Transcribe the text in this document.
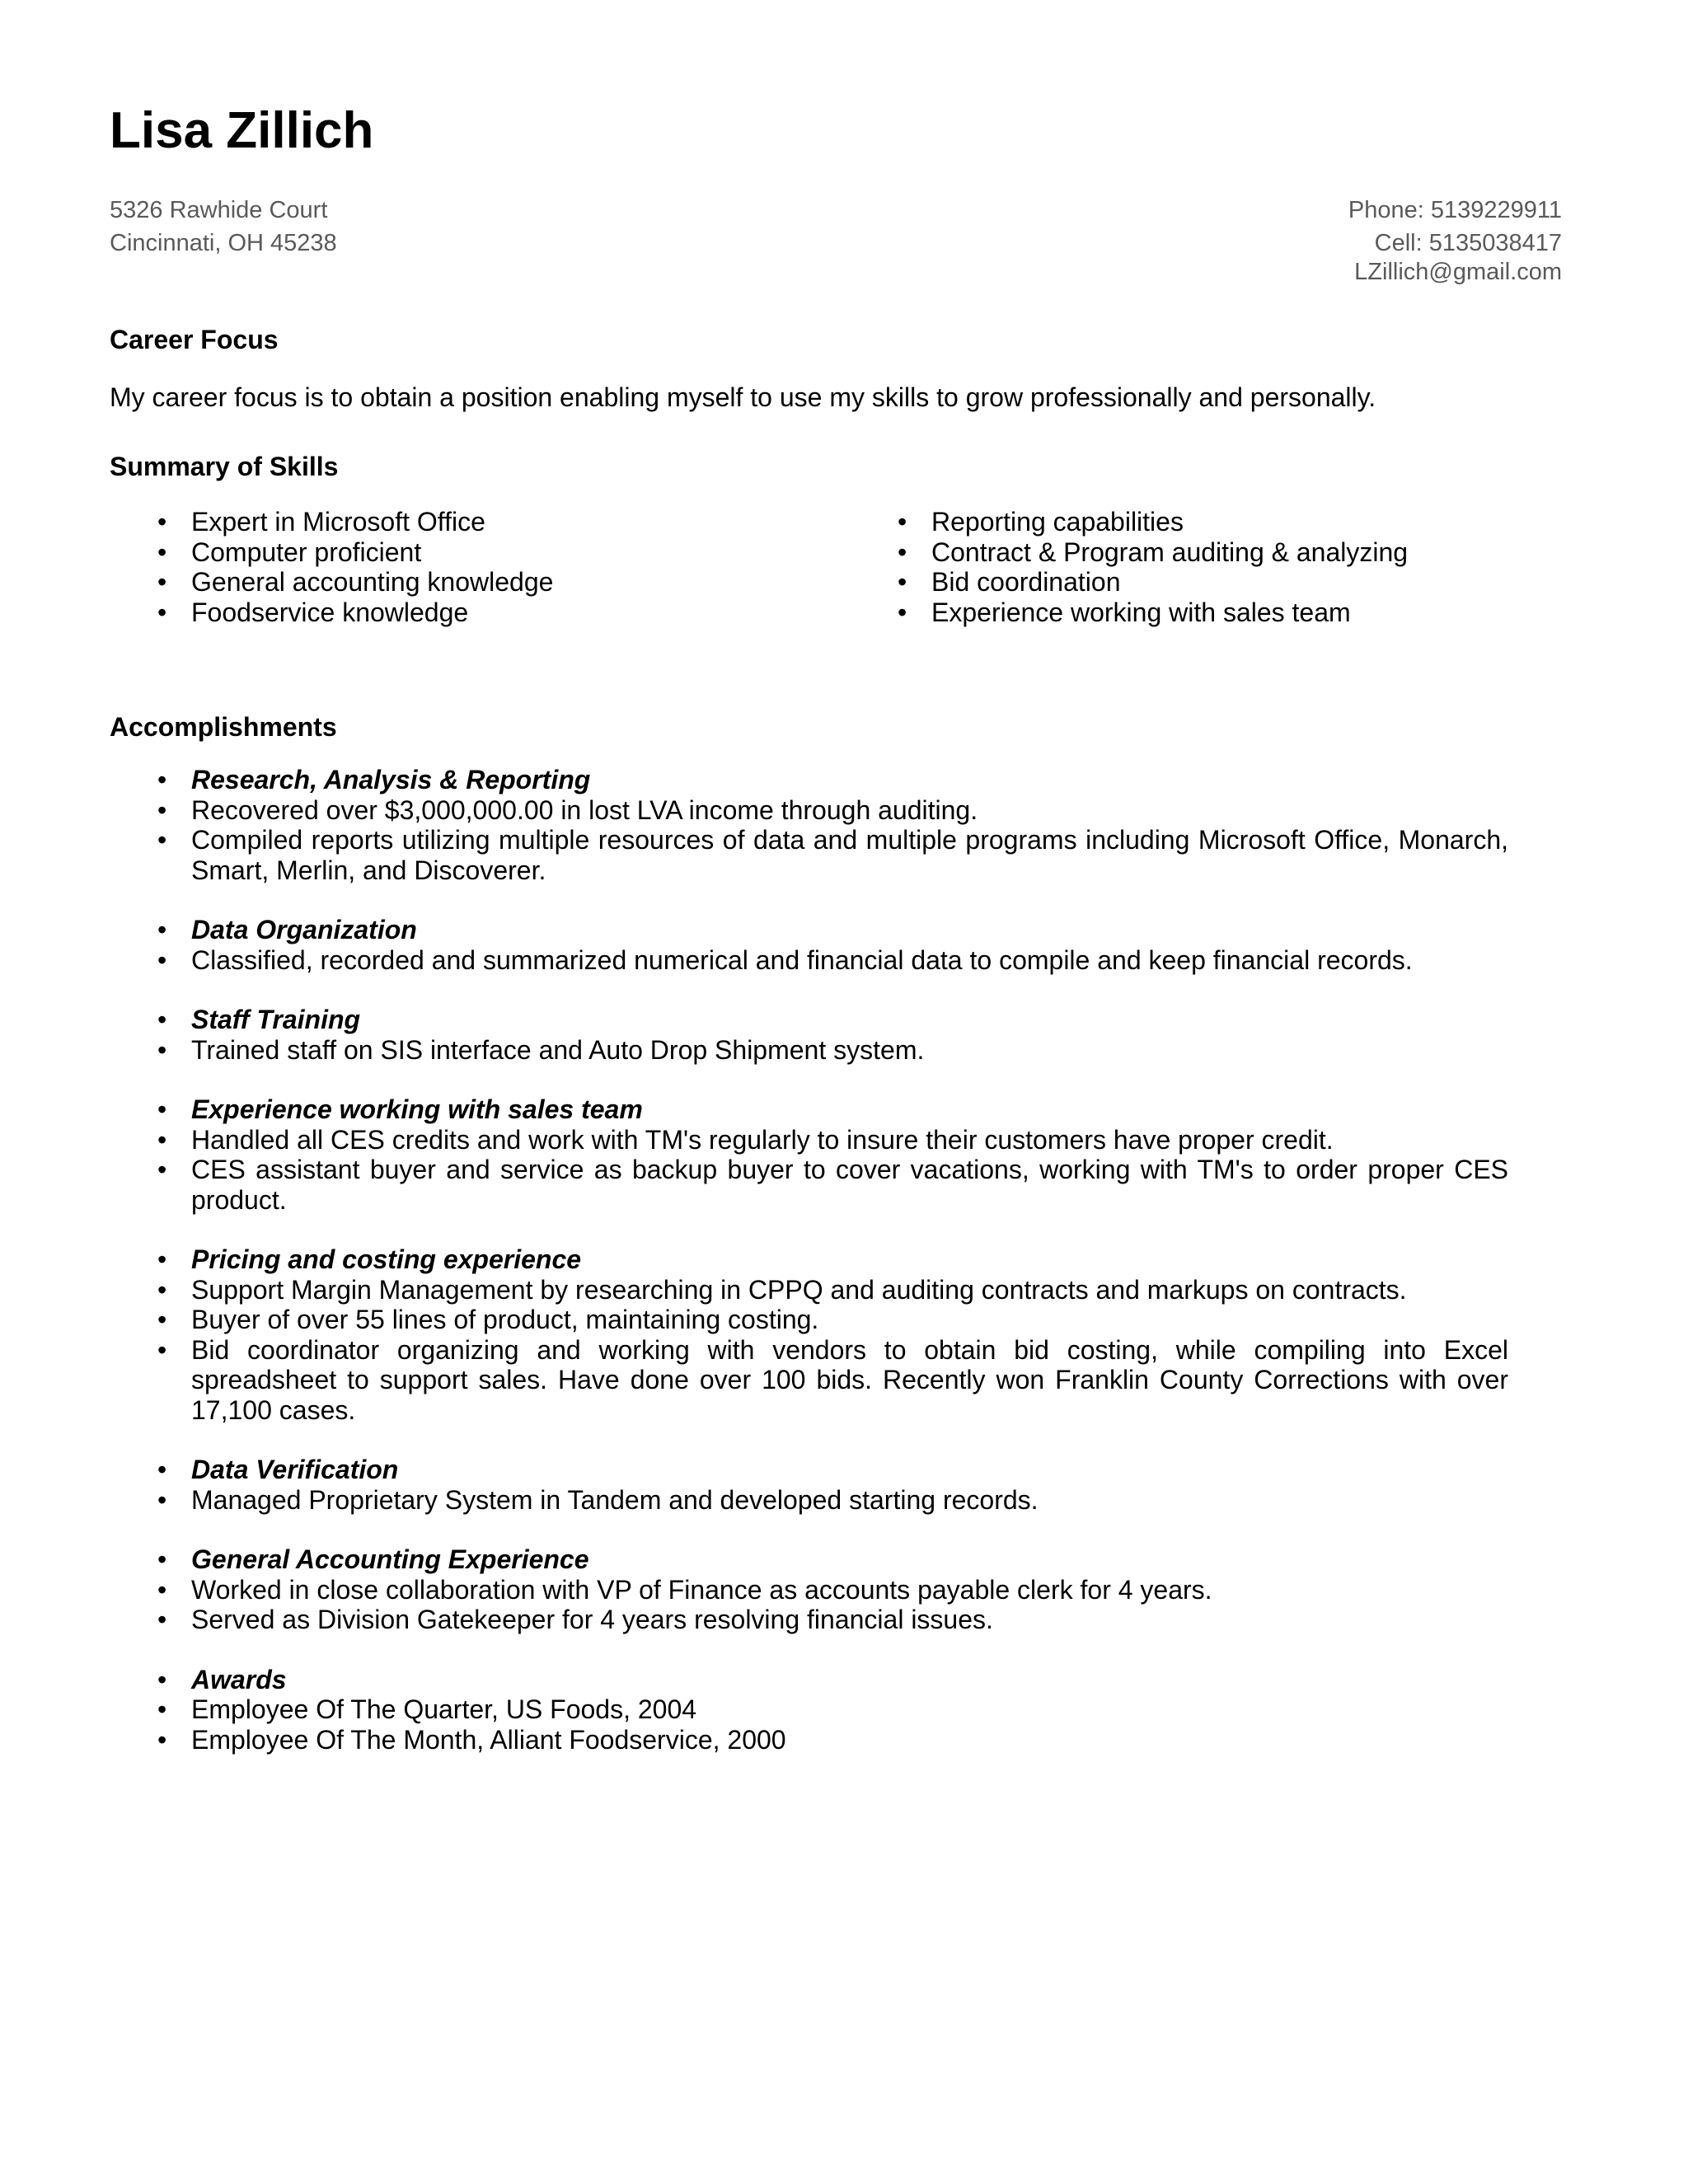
Lisa Zillich
5326 Rawhide Court
Cincinnati, OH 45238
Phone: 5139229911
Cell: 5135038417
LZillich@gmail.com
Career Focus

My career focus is to obtain a position enabling myself to use my skills to grow professionally and personally.

Summary of Skills
• Expert in Microsoft Office
• Computer proficient
• General accounting knowledge
• Foodservice knowledge
• Reporting capabilities
• Contract & Program auditing & analyzing
• Bid coordination
• Experience working with sales team
Accomplishments
• Research, Analysis & Reporting
• Recovered over $3,000,000.00 in lost LVA income through auditing.
• Compiled reports utilizing multiple resources of data and multiple programs including Microsoft Office, Monarch, Smart, Merlin, and Discoverer.
• Data Organization
• Classified, recorded and summarized numerical and financial data to compile and keep financial records.
• Staff Training
• Trained staff on SIS interface and Auto Drop Shipment system.
• Experience working with sales team
• Handled all CES credits and work with TM's regularly to insure their customers have proper credit.
• CES assistant buyer and service as backup buyer to cover vacations, working with TM's to order proper CES product.
• Pricing and costing experience
• Support Margin Management by researching in CPPQ and auditing contracts and markups on contracts.
• Buyer of over 55 lines of product, maintaining costing.
• Bid coordinator organizing and working with vendors to obtain bid costing, while compiling into Excel spreadsheet to support sales. Have done over 100 bids. Recently won Franklin County Corrections with over 17,100 cases.
• Data Verification
• Managed Proprietary System in Tandem and developed starting records.
• General Accounting Experience
• Worked in close collaboration with VP of Finance as accounts payable clerk for 4 years.
• Served as Division Gatekeeper for 4 years resolving financial issues.
• Awards
• Employee Of The Quarter, US Foods, 2004
• Employee Of The Month, Alliant Foodservice, 2000
